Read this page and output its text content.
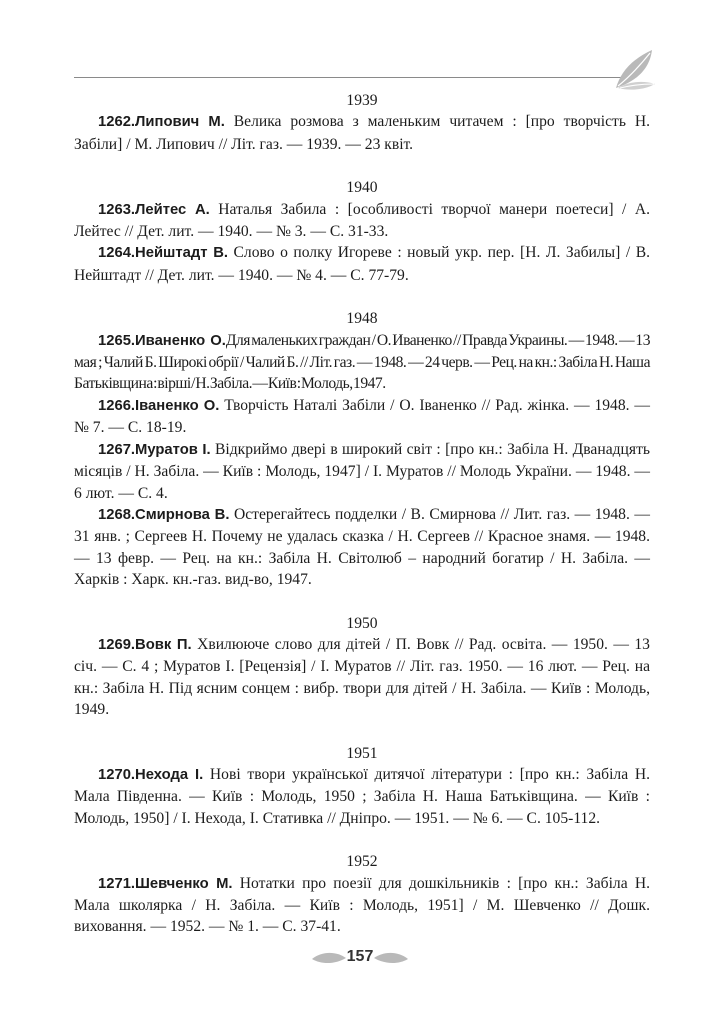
1939

1262.Липович М. Велика розмова з маленьким читачем : [про творчість Н. Забіли] / М. Липович // Літ. газ. — 1939. — 23 квіт.

1940

1263.Лейтес А. Наталья Забила : [особливості творчої манери поетеси] / А. Лейтес // Дет. лит. — 1940. — № 3. — С. 31-33.

1264.Нейштадт В. Слово о полку Игоревe : новый укр. пер. [Н. Л. Забилы] / В. Нейштадт // Дет. лит. — 1940. — № 4. — С. 77-79.

1948

1265.Иваненко О.Для маленьких граждан / О. Иваненко // Правда Украины. — 1948. — 13 мая ; Чалий Б. Широкі обрії / Чалий Б. // Літ. газ. — 1948. — 24 черв. — Рец. на кн.: Забіла Н. Наша Батьківщина : вірші / Н. Забіла. — Київ : Молодь, 1947.

1266.Іваненко О. Творчість Наталі Забіли / О. Іваненко // Рад. жінка. — 1948. — № 7. — С. 18-19.

1267.Муратов І. Відкриймо двері в широкий світ : [про кн.: Забіла Н. Дванадцять місяців / Н. Забіла. — Київ : Молодь, 1947] / І. Муратов // Молодь України. — 1948. — 6 лют. — С. 4.

1268.Смирнова В. Остерегайтесь подделки / В. Смирнова // Лит. газ. — 1948. — 31 янв. ; Сергеев Н. Почему не удалась сказка / Н. Сергеев // Красное знамя. — 1948. — 13 февр. — Рец. на кн.: Забіла Н. Світолюб – народний богатир / Н. Забіла. — Харків : Харк. кн.-газ. вид-во, 1947.

1950

1269.Вовк П. Хвилююче слово для дітей / П. Вовк // Рад. освіта. — 1950. — 13 січ. — С. 4 ; Муратов І. [Рецензія] / І. Муратов // Літ. газ. 1950. — 16 лют. — Рец. на кн.: Забіла Н. Під ясним сонцем : вибр. твори для дітей / Н. Забіла. — Київ : Молодь, 1949.

1951

1270.Нехода І. Нові твори української дитячої літератури : [про кн.: Забіла Н. Мала Південна. — Київ : Молодь, 1950 ; Забіла Н. Наша Батьківщина. — Київ : Молодь, 1950] / І. Нехода, І. Стативка // Дніпро. — 1951. — № 6. — С. 105-112.

1952

1271.Шевченко М. Нотатки про поезії для дошкільників : [про кн.: Забіла Н. Мала школярка / Н. Забіла. — Київ : Молодь, 1951] / М. Шевченко // Дошк. виховання. — 1952. — № 1. — С. 37-41.

157
